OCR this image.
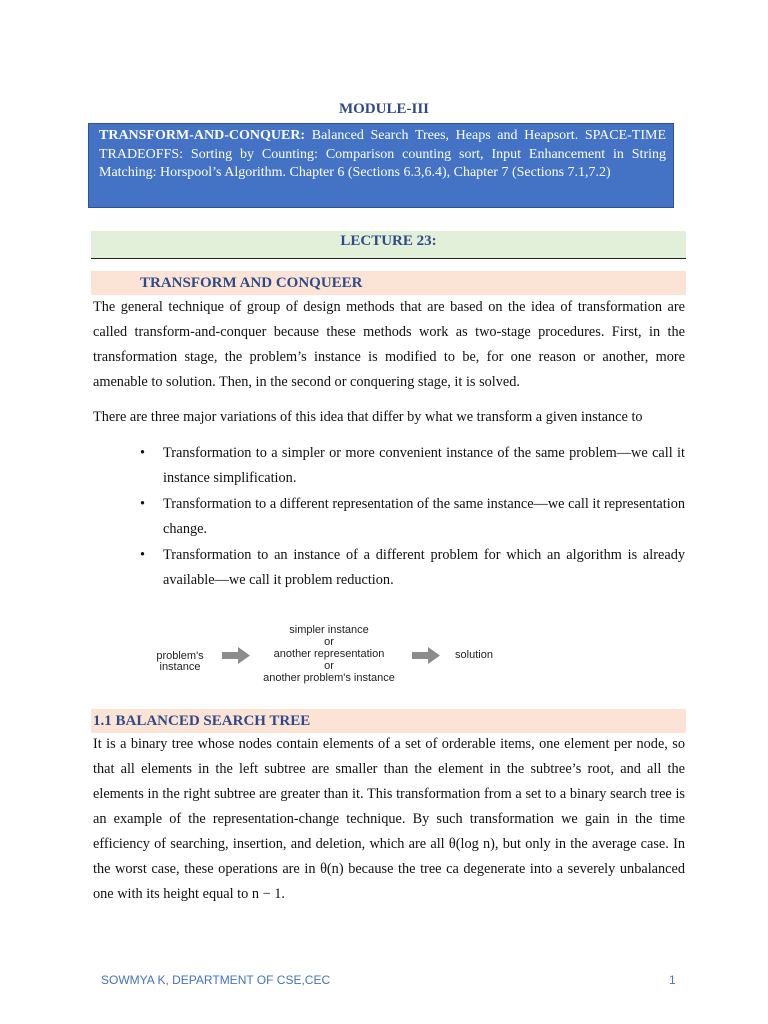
MODULE-III
TRANSFORM-AND-CONQUER: Balanced Search Trees, Heaps and Heapsort. SPACE-TIME TRADEOFFS: Sorting by Counting: Comparison counting sort, Input Enhancement in String Matching: Horspool’s Algorithm. Chapter 6 (Sections 6.3,6.4), Chapter 7 (Sections 7.1,7.2)
LECTURE 23:
TRANSFORM AND CONQUEER

The general technique of group of design methods that are based on the idea of transformation are called transform-and-conquer because these methods work as two-stage procedures. First, in the transformation stage, the problem’s instance is modified to be, for one reason or another, more amenable to solution. Then, in the second or conquering stage, it is solved.

There are three major variations of this idea that differ by what we transform a given instance to

• Transformation to a simpler or more convenient instance of the same problem—we call it instance simplification.
• Transformation to a different representation of the same instance—we call it representation change.
• Transformation to an instance of a different problem for which an algorithm is already available—we call it problem reduction.
problem's
instance
simpler instance
or
another representation
or
another problem's instance
solution
1.1 BALANCED SEARCH TREE

It is a binary tree whose nodes contain elements of a set of orderable items, one element per node, so that all elements in the left subtree are smaller than the element in the subtree’s root, and all the elements in the right subtree are greater than it. This transformation from a set to a binary search tree is an example of the representation-change technique. By such transformation we gain in the time efficiency of searching, insertion, and deletion, which are all θ(log n), but only in the average case. In the worst case, these operations are in θ(n) because the tree ca degenerate into a severely unbalanced one with its height equal to n − 1.

SOWMYA K, DEPARTMENT OF CSE,CEC	1
